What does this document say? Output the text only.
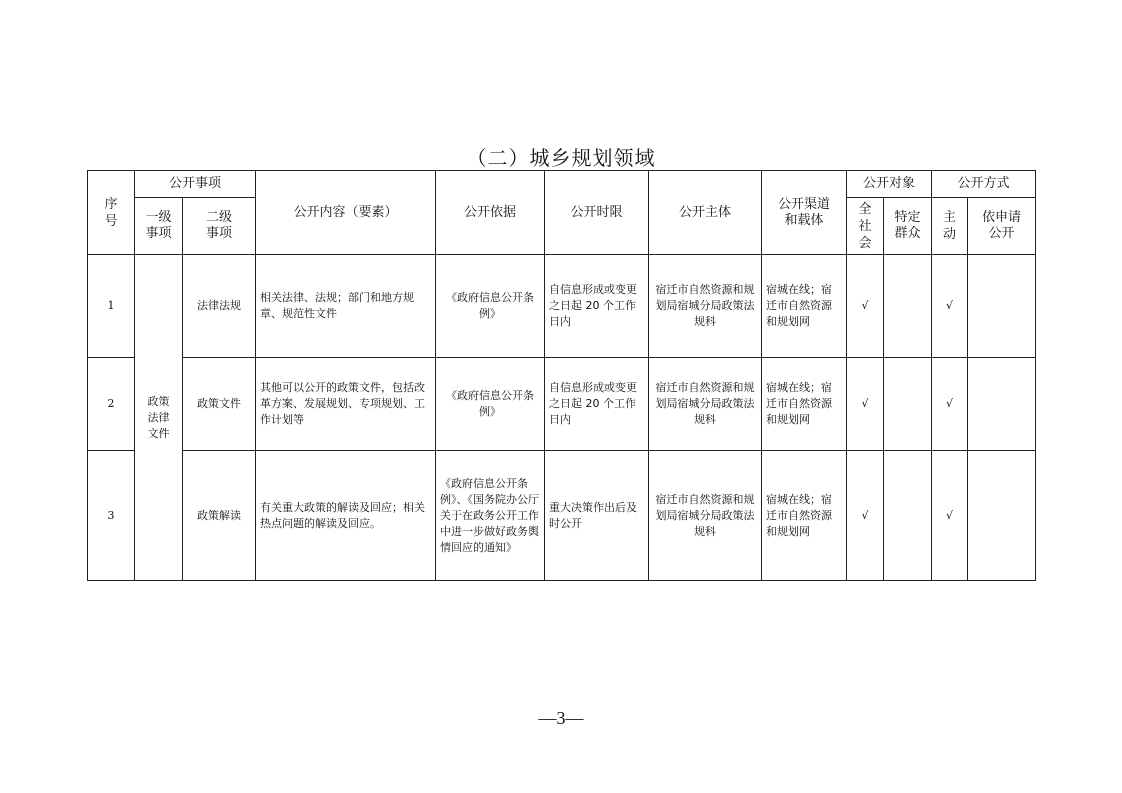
（二）城乡规划领域
序号	公开事项		公开内容（要素）	公开依据	公开时限	公开主体	公开渠道和载体	公开对象		公开方式	
	一级事项	二级事项						全社会	特定群众	主动	依申请公开
1	政策法律文件	法律法规	相关法律、法规；部门和地方规章、规范性文件	《政府信息公开条例》	自信息形成或变更之日起 20 个工作日内	宿迁市自然资源和规划局宿城分局政策法规科	宿城在线；宿迁市自然资源和规划网	√		√	
2		政策文件	其他可以公开的政策文件，包括改革方案、发展规划、专项规划、工作计划等	《政府信息公开条例》	自信息形成或变更之日起 20 个工作日内	宿迁市自然资源和规划局宿城分局政策法规科	宿城在线；宿迁市自然资源和规划网	√		√	
3		政策解读	有关重大政策的解读及回应；相关热点问题的解读及回应。	《政府信息公开条例》、《国务院办公厅关于在政务公开工作中进一步做好政务舆情回应的通知》	重大决策作出后及时公开	宿迁市自然资源和规划局宿城分局政策法规科	宿城在线；宿迁市自然资源和规划网	√		√	
—3—
